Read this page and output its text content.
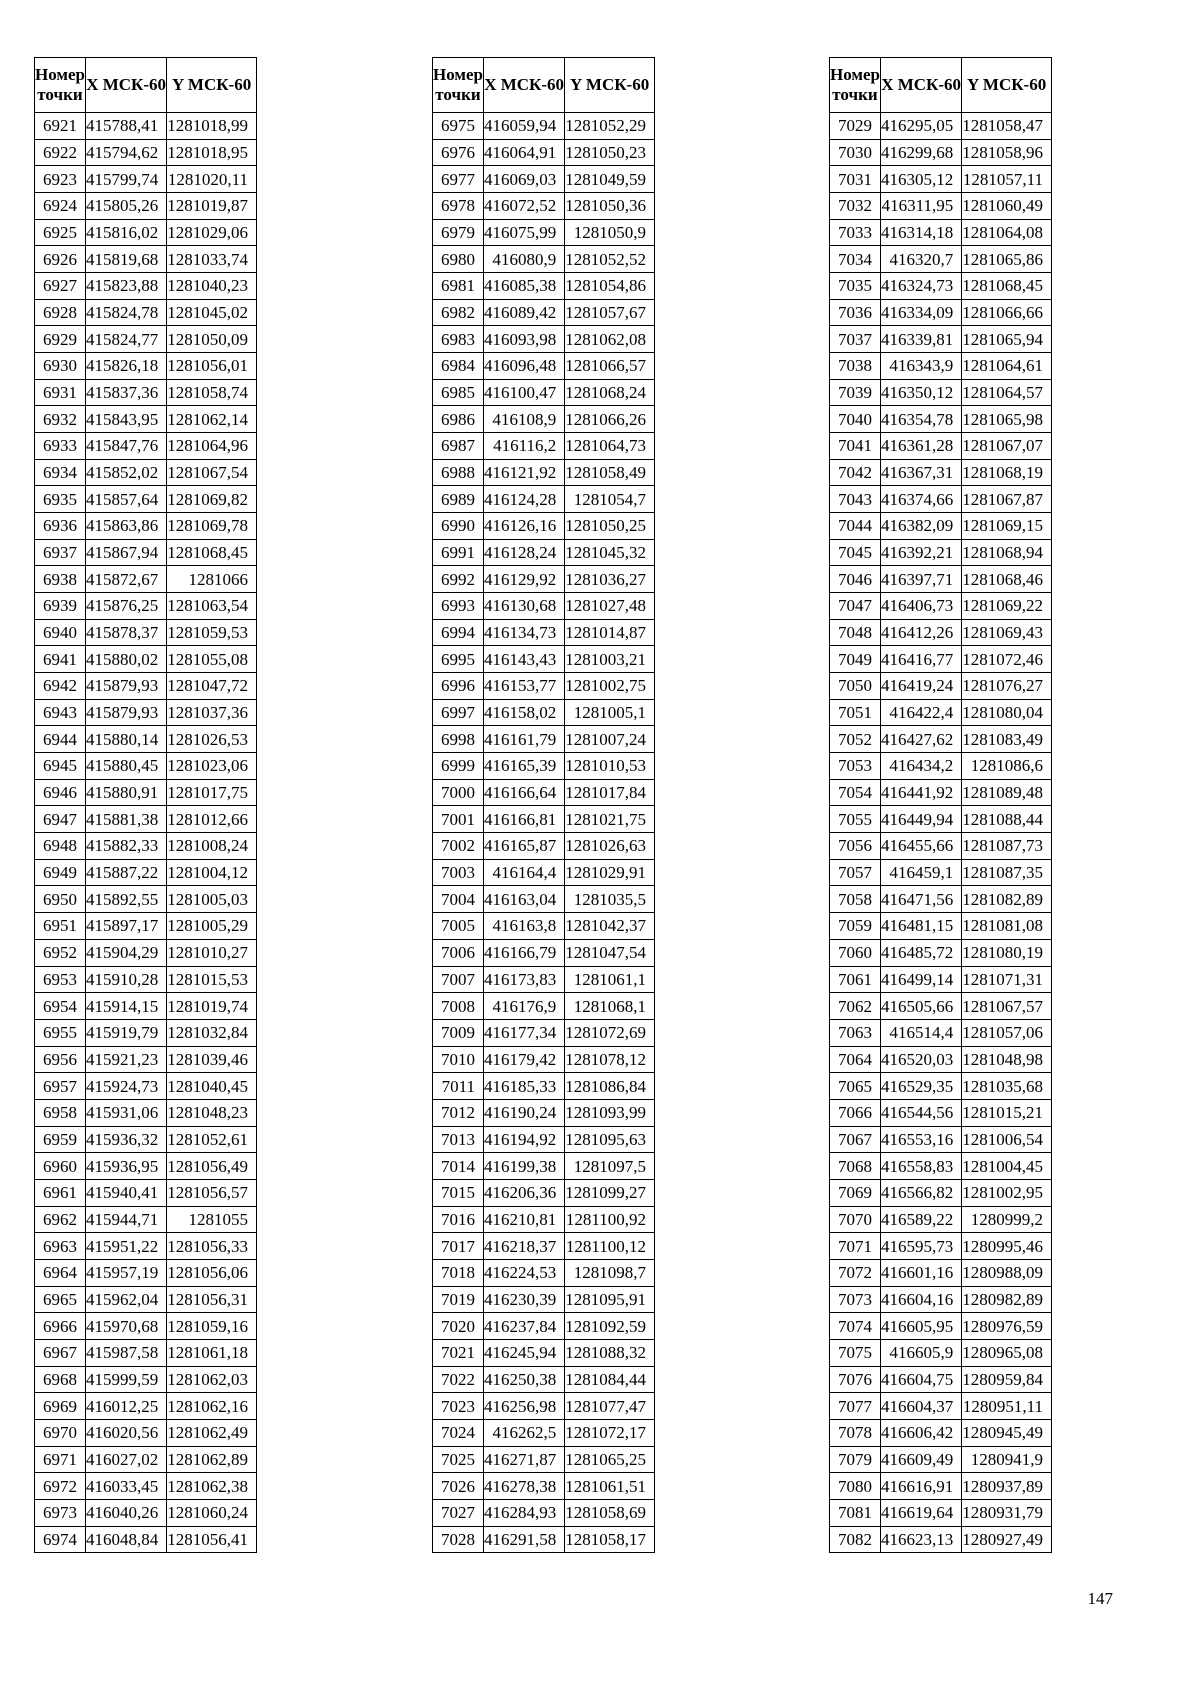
Номер
точки	X МСК-60	Y МСК-60
6921	415788,41	1281018,99
6922	415794,62	1281018,95
6923	415799,74	1281020,11
6924	415805,26	1281019,87
6925	415816,02	1281029,06
6926	415819,68	1281033,74
6927	415823,88	1281040,23
6928	415824,78	1281045,02
6929	415824,77	1281050,09
6930	415826,18	1281056,01
6931	415837,36	1281058,74
6932	415843,95	1281062,14
6933	415847,76	1281064,96
6934	415852,02	1281067,54
6935	415857,64	1281069,82
6936	415863,86	1281069,78
6937	415867,94	1281068,45
6938	415872,67	1281066
6939	415876,25	1281063,54
6940	415878,37	1281059,53
6941	415880,02	1281055,08
6942	415879,93	1281047,72
6943	415879,93	1281037,36
6944	415880,14	1281026,53
6945	415880,45	1281023,06
6946	415880,91	1281017,75
6947	415881,38	1281012,66
6948	415882,33	1281008,24
6949	415887,22	1281004,12
6950	415892,55	1281005,03
6951	415897,17	1281005,29
6952	415904,29	1281010,27
6953	415910,28	1281015,53
6954	415914,15	1281019,74
6955	415919,79	1281032,84
6956	415921,23	1281039,46
6957	415924,73	1281040,45
6958	415931,06	1281048,23
6959	415936,32	1281052,61
6960	415936,95	1281056,49
6961	415940,41	1281056,57
6962	415944,71	1281055
6963	415951,22	1281056,33
6964	415957,19	1281056,06
6965	415962,04	1281056,31
6966	415970,68	1281059,16
6967	415987,58	1281061,18
6968	415999,59	1281062,03
6969	416012,25	1281062,16
6970	416020,56	1281062,49
6971	416027,02	1281062,89
6972	416033,45	1281062,38
6973	416040,26	1281060,24
6974	416048,84	1281056,41
Номер
точки	X МСК-60	Y МСК-60
6975	416059,94	1281052,29
6976	416064,91	1281050,23
6977	416069,03	1281049,59
6978	416072,52	1281050,36
6979	416075,99	1281050,9
6980	416080,9	1281052,52
6981	416085,38	1281054,86
6982	416089,42	1281057,67
6983	416093,98	1281062,08
6984	416096,48	1281066,57
6985	416100,47	1281068,24
6986	416108,9	1281066,26
6987	416116,2	1281064,73
6988	416121,92	1281058,49
6989	416124,28	1281054,7
6990	416126,16	1281050,25
6991	416128,24	1281045,32
6992	416129,92	1281036,27
6993	416130,68	1281027,48
6994	416134,73	1281014,87
6995	416143,43	1281003,21
6996	416153,77	1281002,75
6997	416158,02	1281005,1
6998	416161,79	1281007,24
6999	416165,39	1281010,53
7000	416166,64	1281017,84
7001	416166,81	1281021,75
7002	416165,87	1281026,63
7003	416164,4	1281029,91
7004	416163,04	1281035,5
7005	416163,8	1281042,37
7006	416166,79	1281047,54
7007	416173,83	1281061,1
7008	416176,9	1281068,1
7009	416177,34	1281072,69
7010	416179,42	1281078,12
7011	416185,33	1281086,84
7012	416190,24	1281093,99
7013	416194,92	1281095,63
7014	416199,38	1281097,5
7015	416206,36	1281099,27
7016	416210,81	1281100,92
7017	416218,37	1281100,12
7018	416224,53	1281098,7
7019	416230,39	1281095,91
7020	416237,84	1281092,59
7021	416245,94	1281088,32
7022	416250,38	1281084,44
7023	416256,98	1281077,47
7024	416262,5	1281072,17
7025	416271,87	1281065,25
7026	416278,38	1281061,51
7027	416284,93	1281058,69
7028	416291,58	1281058,17
Номер
точки	X МСК-60	Y МСК-60
7029	416295,05	1281058,47
7030	416299,68	1281058,96
7031	416305,12	1281057,11
7032	416311,95	1281060,49
7033	416314,18	1281064,08
7034	416320,7	1281065,86
7035	416324,73	1281068,45
7036	416334,09	1281066,66
7037	416339,81	1281065,94
7038	416343,9	1281064,61
7039	416350,12	1281064,57
7040	416354,78	1281065,98
7041	416361,28	1281067,07
7042	416367,31	1281068,19
7043	416374,66	1281067,87
7044	416382,09	1281069,15
7045	416392,21	1281068,94
7046	416397,71	1281068,46
7047	416406,73	1281069,22
7048	416412,26	1281069,43
7049	416416,77	1281072,46
7050	416419,24	1281076,27
7051	416422,4	1281080,04
7052	416427,62	1281083,49
7053	416434,2	1281086,6
7054	416441,92	1281089,48
7055	416449,94	1281088,44
7056	416455,66	1281087,73
7057	416459,1	1281087,35
7058	416471,56	1281082,89
7059	416481,15	1281081,08
7060	416485,72	1281080,19
7061	416499,14	1281071,31
7062	416505,66	1281067,57
7063	416514,4	1281057,06
7064	416520,03	1281048,98
7065	416529,35	1281035,68
7066	416544,56	1281015,21
7067	416553,16	1281006,54
7068	416558,83	1281004,45
7069	416566,82	1281002,95
7070	416589,22	1280999,2
7071	416595,73	1280995,46
7072	416601,16	1280988,09
7073	416604,16	1280982,89
7074	416605,95	1280976,59
7075	416605,9	1280965,08
7076	416604,75	1280959,84
7077	416604,37	1280951,11
7078	416606,42	1280945,49
7079	416609,49	1280941,9
7080	416616,91	1280937,89
7081	416619,64	1280931,79
7082	416623,13	1280927,49
147
